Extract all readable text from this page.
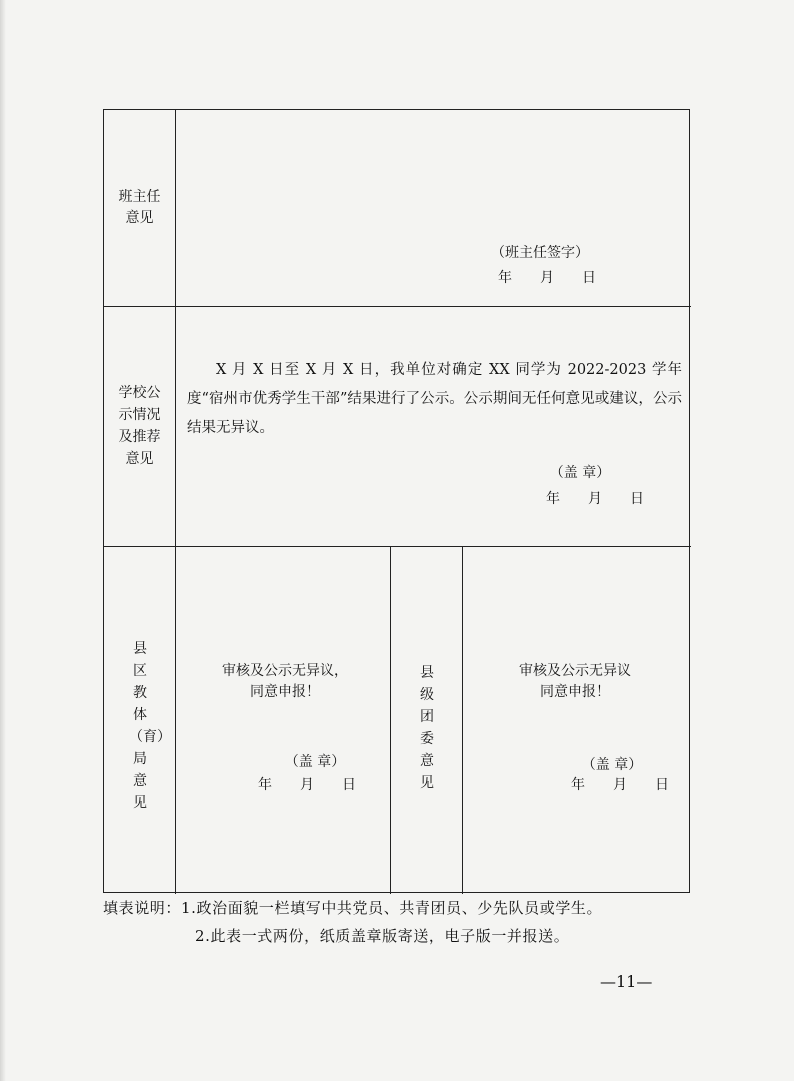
班主任
意见
（班主任签字）
年　　月　　日
学校公
示情况
及推荐
意见
X 月 X 日至 X 月 X 日，我单位对确定 XX 同学为 2022-2023 学年度“宿州市优秀学生干部”结果进行了公示。公示期间无任何意见或建议，公示结果无异议。
（盖 章）
年　　月　　日
县区教体（育）局意见
审核及公示无异议，
同意申报！
（盖 章）
年　　月　　日
县级团委意见
审核及公示无异议
同意申报！
（盖 章）
年　　月　　日
填表说明：1.政治面貌一栏填写中共党员、共青团员、少先队员或学生。
2.此表一式两份，纸质盖章版寄送，电子版一并报送。
—11—
